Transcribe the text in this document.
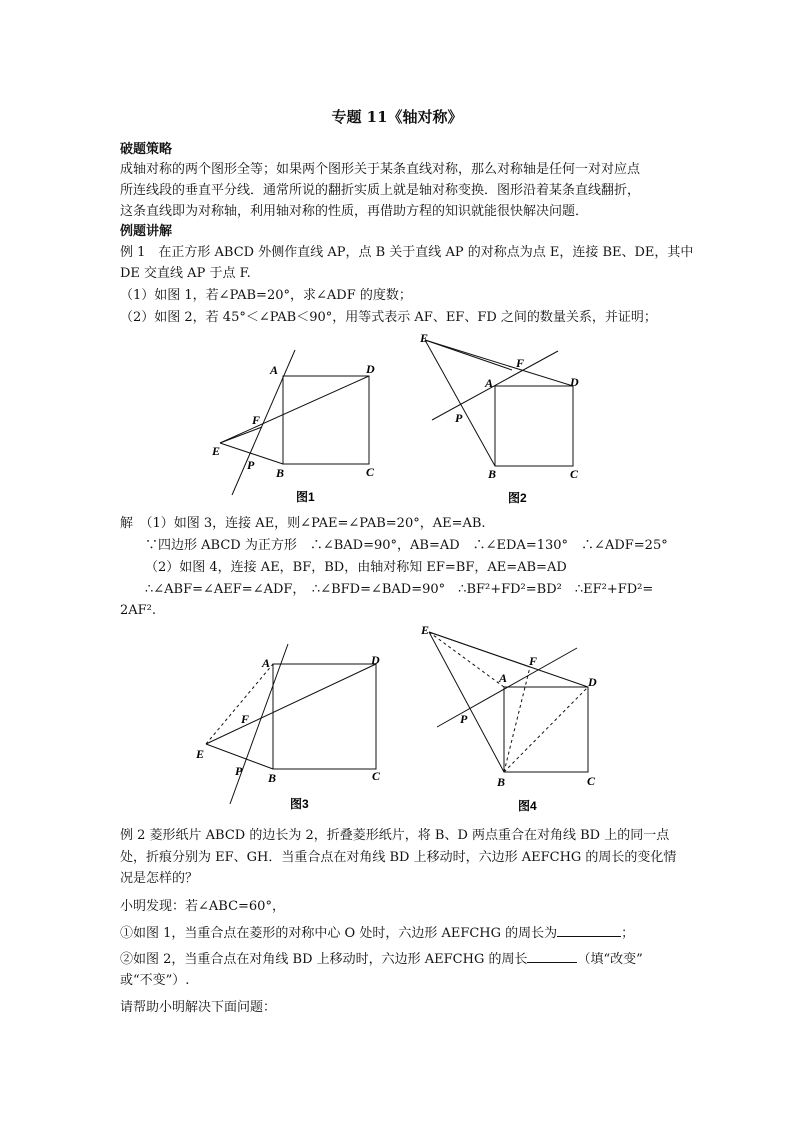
专题 11《轴对称》
破题策略
成轴对称的两个图形全等；如果两个图形关于某条直线对称，那么对称轴是任何一对对应点
所连线段的垂直平分线．通常所说的翻折实质上就是轴对称变换．图形沿着某条直线翻折，
这条直线即为对称轴，利用轴对称的性质，再借助方程的知识就能很快解决问题．
例题讲解
例 1　在正方形 ABCD 外侧作直线 AP，点 B 关于直线 AP 的对称点为点 E，连接 BE、DE，其中
DE 交直线 AP 于点 F.
（1）如图 1，若∠PAB=20°，求∠ADF 的度数；
（2）如图 2，若 45°＜∠PAB＜90°，用等式表示 AF、EF、FD 之间的数量关系，并证明；
A	D
F
E
P
B	C
图1
E
F
A	D
P
B	C
图2
解　（1）如图 3，连接 AE，则∠PAE=∠PAB=20°，AE=AB.
∵四边形 ABCD 为正方形　∴∠BAD=90°，AB=AD　∴∠EDA=130°　∴∠ADF=25°
（2）如图 4，连接 AE，BF，BD，由轴对称知 EF=BF，AE=AB=AD
∴∠ABF=∠AEF=∠ADF，　∴∠BFD=∠BAD=90°　∴BF²+FD²=BD²　∴EF²+FD²=
2AF².
A	D
F
E
P B	C
图3
E
F
A	D
P
B	C
图4
例 2 菱形纸片 ABCD 的边长为 2，折叠菱形纸片，将 B、D 两点重合在对角线 BD 上的同一点
处，折痕分别为 EF、GH．当重合点在对角线 BD 上移动时，六边形 AEFCHG 的周长的变化情
况是怎样的？
小明发现：若∠ABC=60°，
①如图 1，当重合点在菱形的对称中心 O 处时，六边形 AEFCHG 的周长为	；
②如图 2，当重合点在对角线 BD 上移动时，六边形 AEFCHG 的周长	（填“改变”
或“不变”）.
请帮助小明解决下面问题：
